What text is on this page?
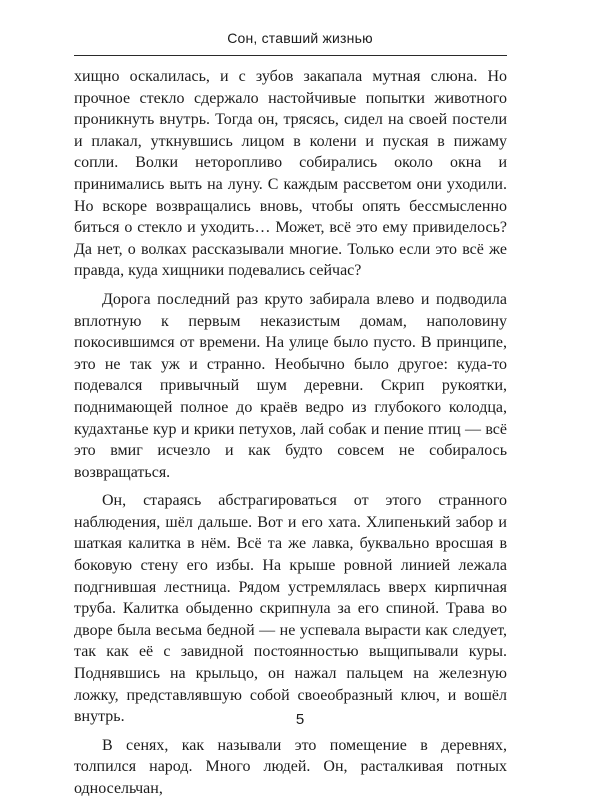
Сон, ставший жизнью

хищно оскалилась, и с зубов закапала мутная слюна. Но прочное стекло сдержало настойчивые попытки животного проникнуть внутрь. Тогда он, трясясь, сидел на своей постели и плакал, уткнувшись лицом в колени и пуская в пижаму сопли. Волки неторопливо собирались около окна и принимались выть на луну. С каждым рассветом они уходили. Но вскоре возвращались вновь, чтобы опять бессмысленно биться о стекло и уходить… Может, всё это ему привиделось? Да нет, о волках рассказывали многие. Только если это всё же правда, куда хищники подевались сейчас?

Дорога последний раз круто забирала влево и подводила вплотную к первым неказистым домам, наполовину покосившимся от времени. На улице было пусто. В принципе, это не так уж и странно. Необычно было другое: куда-то подевался привычный шум деревни. Скрип рукоятки, поднимающей полное до краёв ведро из глубокого колодца, кудахтанье кур и крики петухов, лай собак и пение птиц — всё это вмиг исчезло и как будто совсем не собиралось возвращаться.

Он, стараясь абстрагироваться от этого странного наблюдения, шёл дальше. Вот и его хата. Хлипенький забор и шаткая калитка в нём. Всё та же лавка, буквально вросшая в боковую стену его избы. На крыше ровной линией лежала подгнившая лестница. Рядом устремлялась вверх кирпичная труба. Калитка обыденно скрипнула за его спиной. Трава во дворе была весьма бедной — не успевала вырасти как следует, так как её с завидной постоянностью выщипывали куры. Поднявшись на крыльцо, он нажал пальцем на железную ложку, представлявшую собой своеобразный ключ, и вошёл внутрь.

В сенях, как называли это помещение в деревнях, толпился народ. Много людей. Он, расталкивая потных односельчан,

5
